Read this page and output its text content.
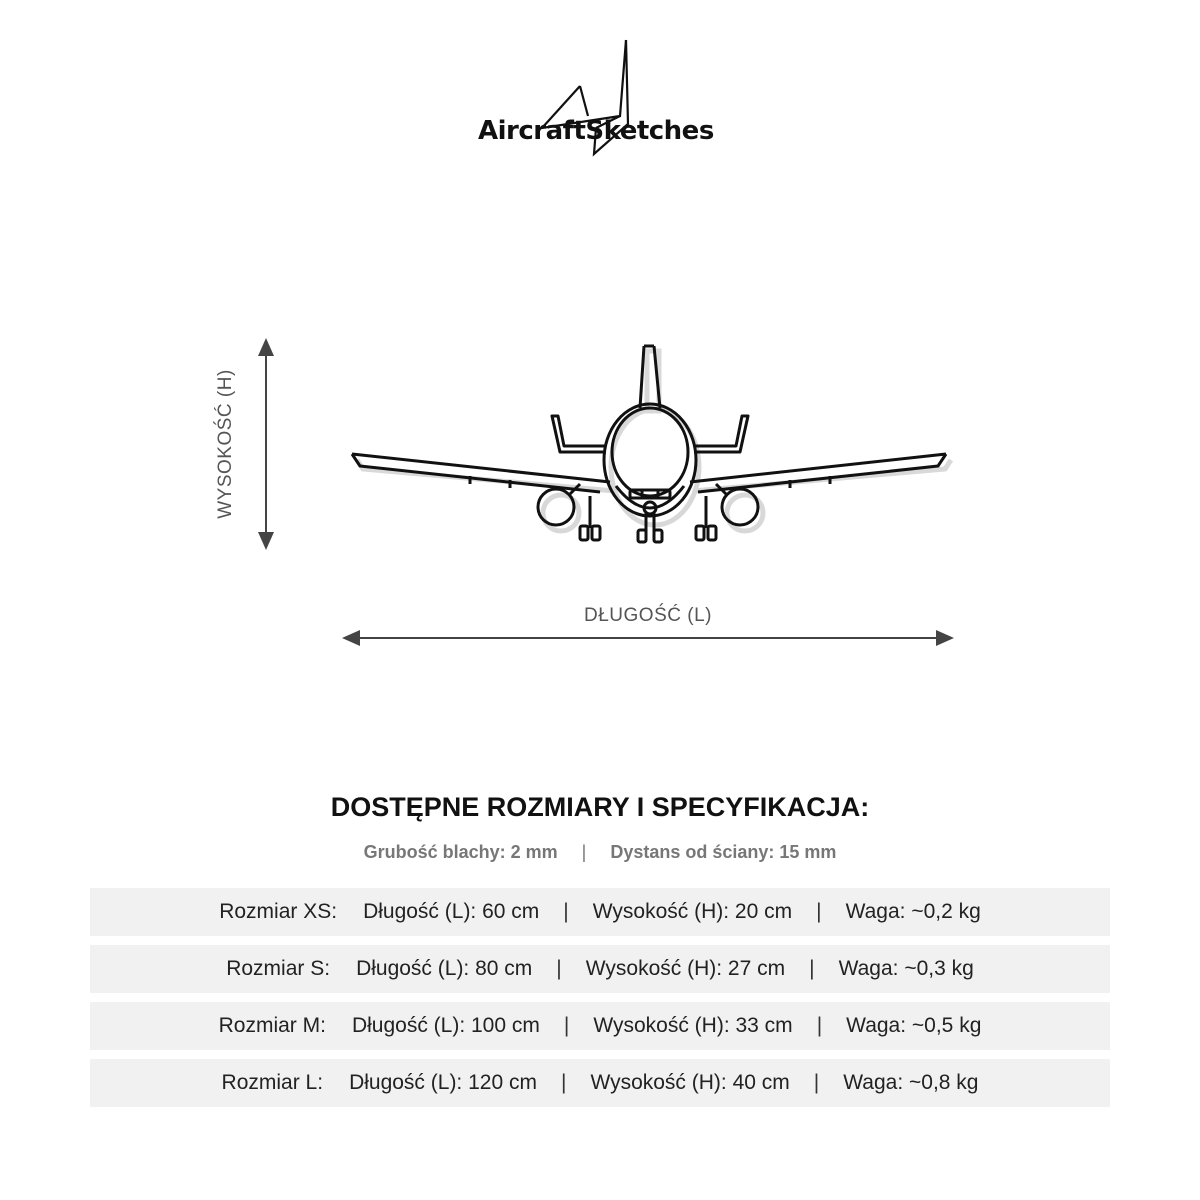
AircraftSketches
WYSOKOŚĆ (H)
DŁUGOŚĆ (L)
DOSTĘPNE ROZMIARY I SPECYFIKACJA:
Grubość blachy: 2 mm | Dystans od ściany: 15 mm
Rozmiar XS: Długość (L): 60 cm | Wysokość (H): 20 cm | Waga: ~0,2 kg
Rozmiar S: Długość (L): 80 cm | Wysokość (H): 27 cm | Waga: ~0,3 kg
Rozmiar M: Długość (L): 100 cm | Wysokość (H): 33 cm | Waga: ~0,5 kg
Rozmiar L: Długość (L): 120 cm | Wysokość (H): 40 cm | Waga: ~0,8 kg
